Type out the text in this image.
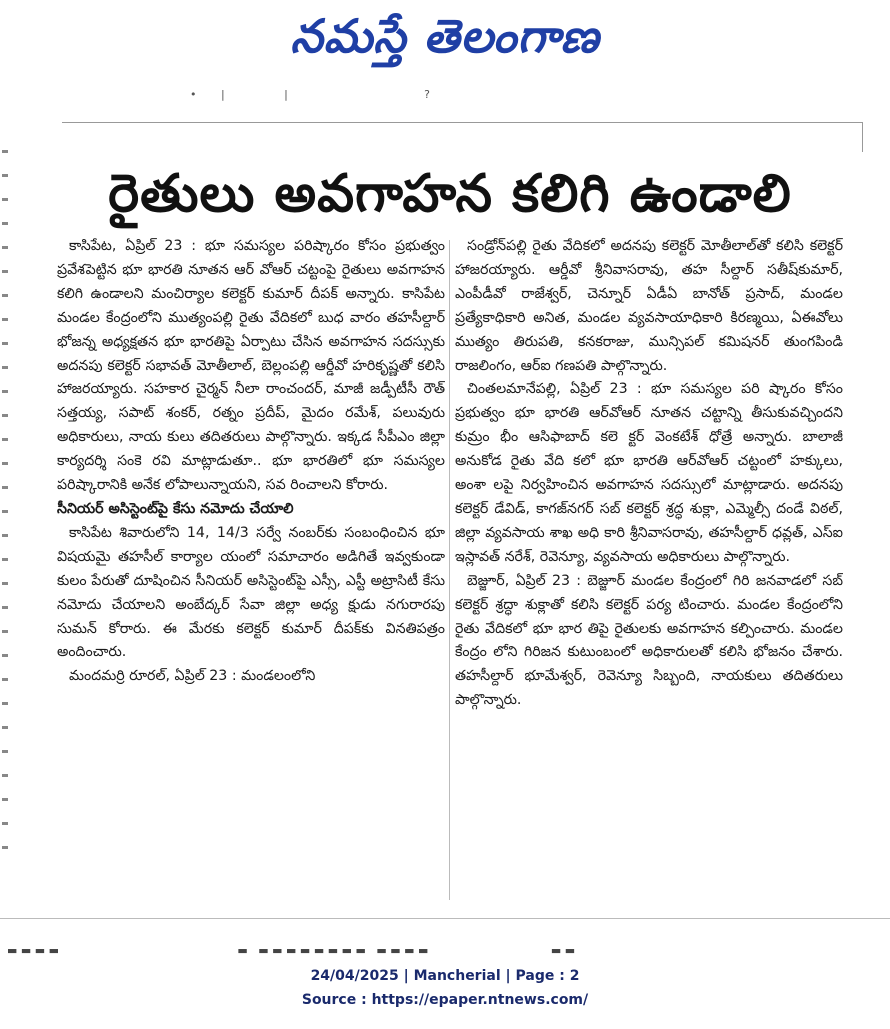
నమస్తే తెలంగాణ
•       |                 |                                       ?
రైతులు అవగాహన కలిగి ఉండాలి

కాసిపేట, ఏప్రిల్ 23 : భూ సమస్యల పరిష్కారం కోసం ప్రభుత్వం ప్రవేశపెట్టిన భూ భారతి నూతన ఆర్ వోఆర్ చట్టంపై రైతులు అవగాహన కలిగి ఉండాలని మంచిర్యాల కలెక్టర్ కుమార్ దీపక్ అన్నారు. కాసిపేట మండల కేంద్రంలోని ముత్యంపల్లి రైతు వేదికలో బుధ వారం తహసీల్దార్ భోజన్న అధ్యక్షతన భూ భారతిపై ఏర్పాటు చేసిన అవగాహన సదస్సుకు అదనపు కలెక్టర్ సభావత్ మోతీలాల్, బెల్లంపల్లి ఆర్డీవో హరికృష్ణతో కలిసి హాజరయ్యారు. సహకార చైర్మన్ నీలా రాంచందర్, మాజీ జడ్పీటీసీ రౌత్ సత్తయ్య, సపాట్ శంకర్, రత్నం ప్రదీప్, మైదం రమేశ్, పలువురు అధికారులు, నాయ కులు తదితరులు పాల్గొన్నారు. ఇక్కడ సీపీఎం జిల్లా కార్యదర్శి సంకె రవి మాట్లాడుతూ.. భూ భారతిలో భూ సమస్యల పరిష్కారానికి అనేక లోపాలున్నాయని, సవ రించాలని కోరారు.

సీనియర్ అసిస్టెంట్‌పై కేసు నమోదు చేయాలి

కాసిపేట శివారులోని 14, 14/3 సర్వే నంబర్‌కు సంబంధించిన భూ విషయమై తహసీల్ కార్యాల యంలో సమాచారం అడిగితే ఇవ్వకుండా కులం పేరుతో దూషించిన సీనియర్ అసిస్టెంట్‌పై ఎస్సీ, ఎస్టీ అట్రాసిటీ కేసు నమోదు చేయాలని అంబేద్కర్ సేవా జిల్లా అధ్య క్షుడు నగురారపు సుమన్ కోరారు. ఈ మేరకు కలెక్టర్ కుమార్ దీపక్‌కు వినతిపత్రం అందించారు.

మందమర్రి రూరల్, ఏప్రిల్ 23 : మండలంలోని

సండ్రోన్‌పల్లి రైతు వేదికలో అదనపు కలెక్టర్ మోతీలాల్‌తో కలిసి కలెక్టర్ హాజరయ్యారు. ఆర్డీవో శ్రీనివాసరావు, తహ సీల్దార్ సతీష్‌కుమార్, ఎంపీడీవో రాజేశ్వర్, చెన్నూర్ ఏడీఏ బానోత్ ప్రసాద్, మండల ప్రత్యేకాధికారి అనిత, మండల వ్యవసాయాధికారి కిరణ్మయి, ఏఈవోలు ముత్యం తిరుపతి, కనకరాజు, మున్సిపల్ కమిషనర్ తుంగపిండి రాజలింగం, ఆర్‌ఐ గణపతి పాల్గొన్నారు.

చింతలమానేపల్లి, ఏప్రిల్ 23 : భూ సమస్యల పరి ష్కారం కోసం ప్రభుత్వం భూ భారతి ఆర్‌వోఆర్ నూతన చట్టాన్ని తీసుకువచ్చిందని కుమ్రం భీం ఆసిఫాబాద్ కలె క్టర్ వెంకటేశ్ ధోత్రే అన్నారు. బాలాజీ అనుకోడ రైతు వేది కలో భూ భారతి ఆర్‌వోఆర్ చట్టంలో హక్కులు, అంశా లపై నిర్వహించిన అవగాహన సదస్సులో మాట్లాడారు. అదనపు కలెక్టర్ డేవిడ్, కాగజ్‌నగర్ సబ్ కలెక్టర్ శ్రద్ధ శుక్లా, ఎమ్మెల్సీ దండే విఠల్, జిల్లా వ్యవసాయ శాఖ అధి కారి శ్రీనివాసరావు, తహసీల్దార్ ధవ్లత్, ఎస్‌ఐ ఇస్లావత్ నరేశ్, రెవెన్యూ, వ్యవసాయ అధికారులు పాల్గొన్నారు.

బెజ్జూర్, ఏప్రిల్ 23 : బెజ్జూర్ మండల కేంద్రంలో గిరి జనవాడలో సబ్ కలెక్టర్ శ్రద్ధా శుక్లాతో కలిసి కలెక్టర్ పర్య టించారు. మండల కేంద్రంలోని రైతు వేదికలో భూ భార తిపై రైతులకు అవగాహన కల్పించారు. మండల కేంద్రం లోని గిరిజన కుటుంబంలో అధికారులతో కలిసి భోజనం చేశారు. తహసీల్దార్ భూమేశ్వర్, రెవెన్యూ సిబ్బంది, నాయకులు తదితరులు పాల్గొన్నారు.

▬ ▬ ▬ ▬                                                   ▬   ▬ ▬ ▬ ▬ ▬ ▬ ▬ ▬   ▬ ▬ ▬ ▬                                   ▬ ▬
24/04/2025 | Mancherial | Page : 2
Source : https://epaper.ntnews.com/
